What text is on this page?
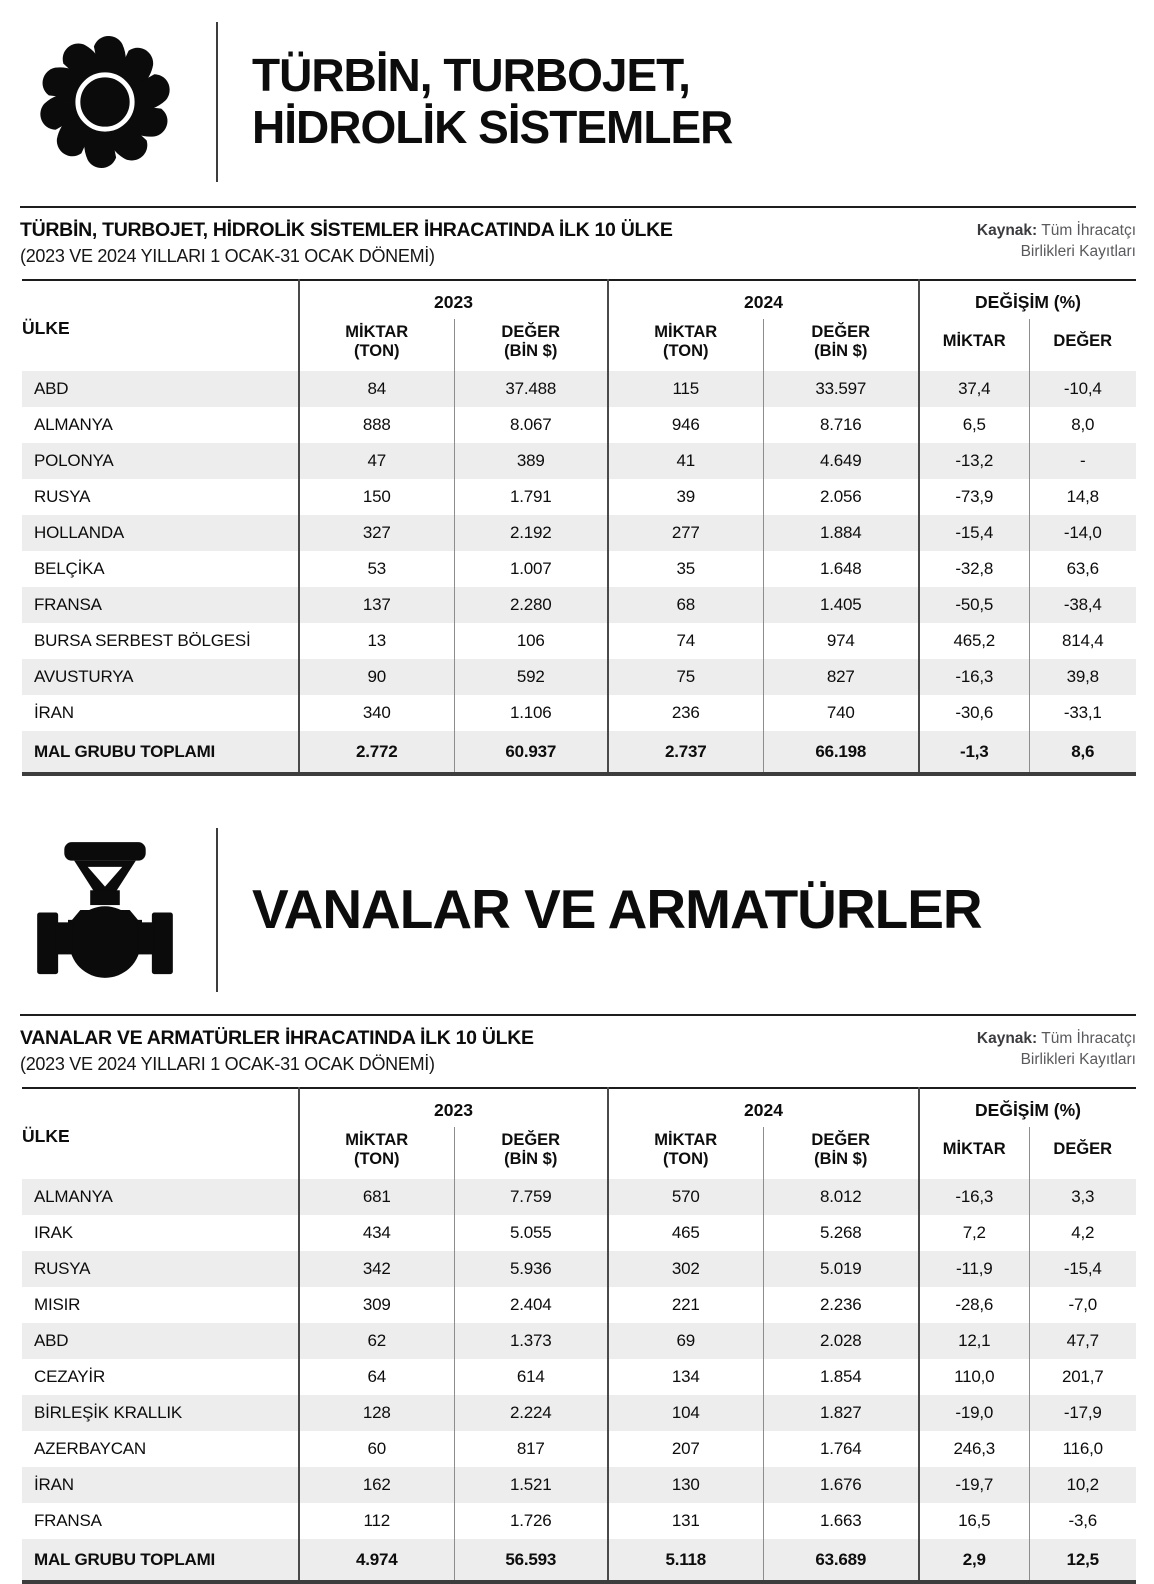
TÜRBİN, TURBOJET,
HİDROLİK SİSTEMLER
TÜRBİN, TURBOJET, HİDROLİK SİSTEMLER İHRACATINDA İLK 10 ÜLKE

(2023 VE 2024 YILLARI 1 OCAK-31 OCAK DÖNEMİ)

Kaynak: Tüm İhracatçı
Birlikleri Kayıtları
ÜLKE	2023		2024		DEĞİŞİM (%)	
	MİKTAR
(TON)	DEĞER
(BİN $)	MİKTAR
(TON)	DEĞER
(BİN $)	MİKTAR	DEĞER
ABD	84	37.488	115	33.597	37,4	-10,4
ALMANYA	888	8.067	946	8.716	6,5	8,0
POLONYA	47	389	41	4.649	-13,2	-
RUSYA	150	1.791	39	2.056	-73,9	14,8
HOLLANDA	327	2.192	277	1.884	-15,4	-14,0
BELÇİKA	53	1.007	35	1.648	-32,8	63,6
FRANSA	137	2.280	68	1.405	-50,5	-38,4
BURSA SERBEST BÖLGESİ	13	106	74	974	465,2	814,4
AVUSTURYA	90	592	75	827	-16,3	39,8
İRAN	340	1.106	236	740	-30,6	-33,1
MAL GRUBU TOPLAMI	2.772	60.937	2.737	66.198	-1,3	8,6
VANALAR VE ARMATÜRLER
VANALAR VE ARMATÜRLER İHRACATINDA İLK 10 ÜLKE

(2023 VE 2024 YILLARI 1 OCAK-31 OCAK DÖNEMİ)

Kaynak: Tüm İhracatçı
Birlikleri Kayıtları
ÜLKE	2023		2024		DEĞİŞİM (%)	
	MİKTAR
(TON)	DEĞER
(BİN $)	MİKTAR
(TON)	DEĞER
(BİN $)	MİKTAR	DEĞER
ALMANYA	681	7.759	570	8.012	-16,3	3,3
IRAK	434	5.055	465	5.268	7,2	4,2
RUSYA	342	5.936	302	5.019	-11,9	-15,4
MISIR	309	2.404	221	2.236	-28,6	-7,0
ABD	62	1.373	69	2.028	12,1	47,7
CEZAYİR	64	614	134	1.854	110,0	201,7
BİRLEŞİK KRALLIK	128	2.224	104	1.827	-19,0	-17,9
AZERBAYCAN	60	817	207	1.764	246,3	116,0
İRAN	162	1.521	130	1.676	-19,7	10,2
FRANSA	112	1.726	131	1.663	16,5	-3,6
MAL GRUBU TOPLAMI	4.974	56.593	5.118	63.689	2,9	12,5
